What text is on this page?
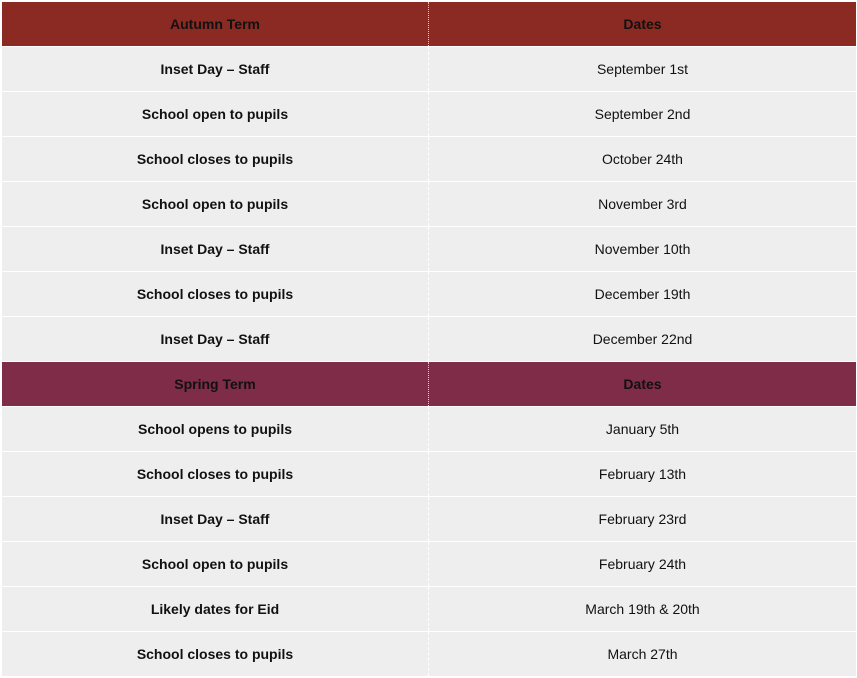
Autumn Term	Dates
Inset Day – Staff	September 1st
School open to pupils	September 2nd
School closes to pupils	October 24th
School open to pupils	November 3rd
Inset Day – Staff	November 10th
School closes to pupils	December 19th
Inset Day – Staff	December 22nd
Spring Term	Dates
School opens to pupils	January 5th
School closes to pupils	February 13th
Inset Day – Staff	February 23rd
School open to pupils	February 24th
Likely dates for Eid	March 19th & 20th
School closes to pupils	March 27th
